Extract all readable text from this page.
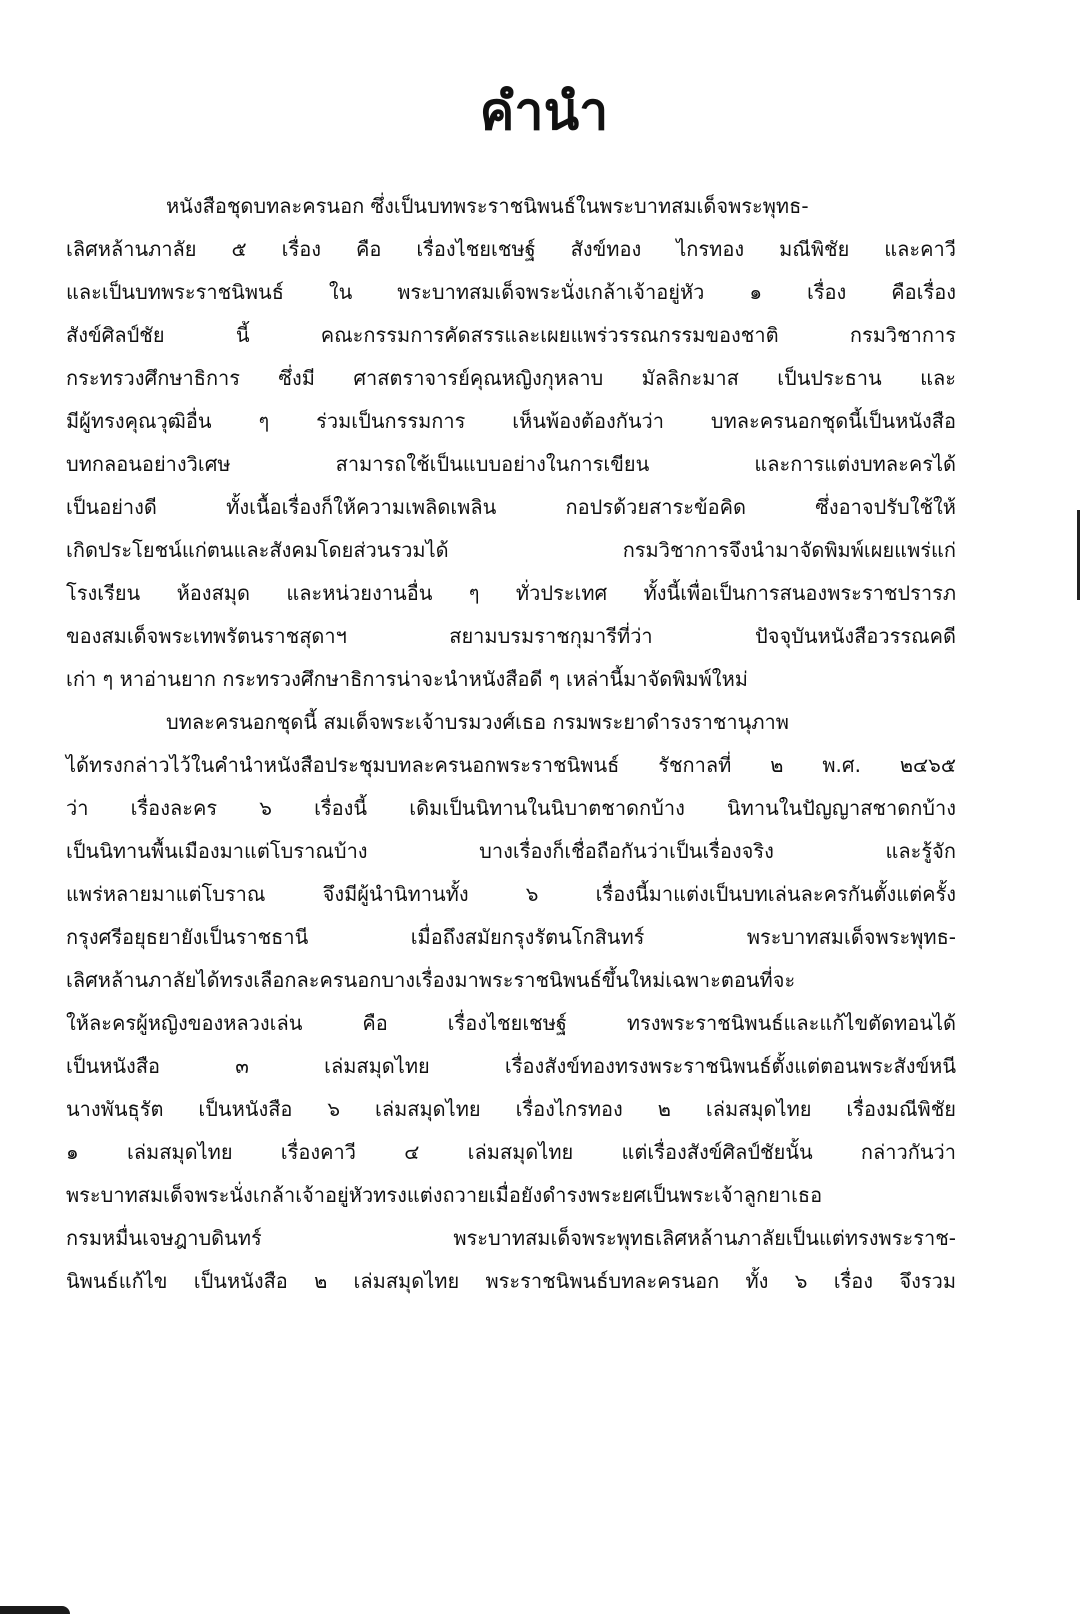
คำนำ
หนังสือชุดบทละครนอก ซึ่งเป็นบทพระราชนิพนธ์ในพระบาทสมเด็จพระพุทธ-
เลิศหล้านภาลัย ๕ เรื่อง คือ เรื่องไชยเชษฐ์ สังข์ทอง ไกรทอง มณีพิชัย และคาวี
และเป็นบทพระราชนิพนธ์ ใน พระบาทสมเด็จพระนั่งเกล้าเจ้าอยู่หัว ๑ เรื่อง คือเรื่อง
สังข์ศิลป์ชัย นี้ คณะกรรมการคัดสรรและเผยแพร่วรรณกรรมของชาติ กรมวิชาการ
กระทรวงศึกษาธิการ ซึ่งมี ศาสตราจารย์คุณหญิงกุหลาบ มัลลิกะมาส เป็นประธาน และ
มีผู้ทรงคุณวุฒิอื่น ๆ ร่วมเป็นกรรมการ เห็นพ้องต้องกันว่า บทละครนอกชุดนี้เป็นหนังสือ
บทกลอนอย่างวิเศษ สามารถใช้เป็นแบบอย่างในการเขียน และการแต่งบทละครได้
เป็นอย่างดี ทั้งเนื้อเรื่องก็ให้ความเพลิดเพลิน กอปรด้วยสาระข้อคิด ซึ่งอาจปรับใช้ให้
เกิดประโยชน์แก่ตนและสังคมโดยส่วนรวมได้ กรมวิชาการจึงนำมาจัดพิมพ์เผยแพร่แก่
โรงเรียน ห้องสมุด และหน่วยงานอื่น ๆ ทั่วประเทศ ทั้งนี้เพื่อเป็นการสนองพระราชปรารภ
ของสมเด็จพระเทพรัตนราชสุดาฯ สยามบรมราชกุมารีที่ว่า ปัจจุบันหนังสือวรรณคดี
เก่า ๆ หาอ่านยาก กระทรวงศึกษาธิการน่าจะนำหนังสือดี ๆ เหล่านี้มาจัดพิมพ์ใหม่
บทละครนอกชุดนี้ สมเด็จพระเจ้าบรมวงศ์เธอ กรมพระยาดำรงราชานุภาพ
ได้ทรงกล่าวไว้ในคำนำหนังสือประชุมบทละครนอกพระราชนิพนธ์ รัชกาลที่ ๒ พ.ศ. ๒๔๖๕
ว่า เรื่องละคร ๖ เรื่องนี้ เดิมเป็นนิทานในนิบาตชาดกบ้าง นิทานในปัญญาสชาดกบ้าง
เป็นนิทานพื้นเมืองมาแต่โบราณบ้าง บางเรื่องก็เชื่อถือกันว่าเป็นเรื่องจริง และรู้จัก
แพร่หลายมาแต่โบราณ จึงมีผู้นำนิทานทั้ง ๖ เรื่องนี้มาแต่งเป็นบทเล่นละครกันตั้งแต่ครั้ง
กรุงศรีอยุธยายังเป็นราชธานี เมื่อถึงสมัยกรุงรัตนโกสินทร์ พระบาทสมเด็จพระพุทธ-
เลิศหล้านภาลัยได้ทรงเลือกละครนอกบางเรื่องมาพระราชนิพนธ์ขึ้นใหม่เฉพาะตอนที่จะ
ให้ละครผู้หญิงของหลวงเล่น คือ เรื่องไชยเชษฐ์ ทรงพระราชนิพนธ์และแก้ไขตัดทอนได้
เป็นหนังสือ ๓ เล่มสมุดไทย เรื่องสังข์ทองทรงพระราชนิพนธ์ตั้งแต่ตอนพระสังข์หนี
นางพันธุรัต เป็นหนังสือ ๖ เล่มสมุดไทย เรื่องไกรทอง ๒ เล่มสมุดไทย เรื่องมณีพิชัย
๑ เล่มสมุดไทย เรื่องคาวี ๔ เล่มสมุดไทย แต่เรื่องสังข์ศิลป์ชัยนั้น กล่าวกันว่า
พระบาทสมเด็จพระนั่งเกล้าเจ้าอยู่หัวทรงแต่งถวายเมื่อยังดำรงพระยศเป็นพระเจ้าลูกยาเธอ
กรมหมื่นเจษฎาบดินทร์ พระบาทสมเด็จพระพุทธเลิศหล้านภาลัยเป็นแต่ทรงพระราช-
นิพนธ์แก้ไข เป็นหนังสือ ๒ เล่มสมุดไทย พระราชนิพนธ์บทละครนอก ทั้ง ๖ เรื่อง จึงรวม
